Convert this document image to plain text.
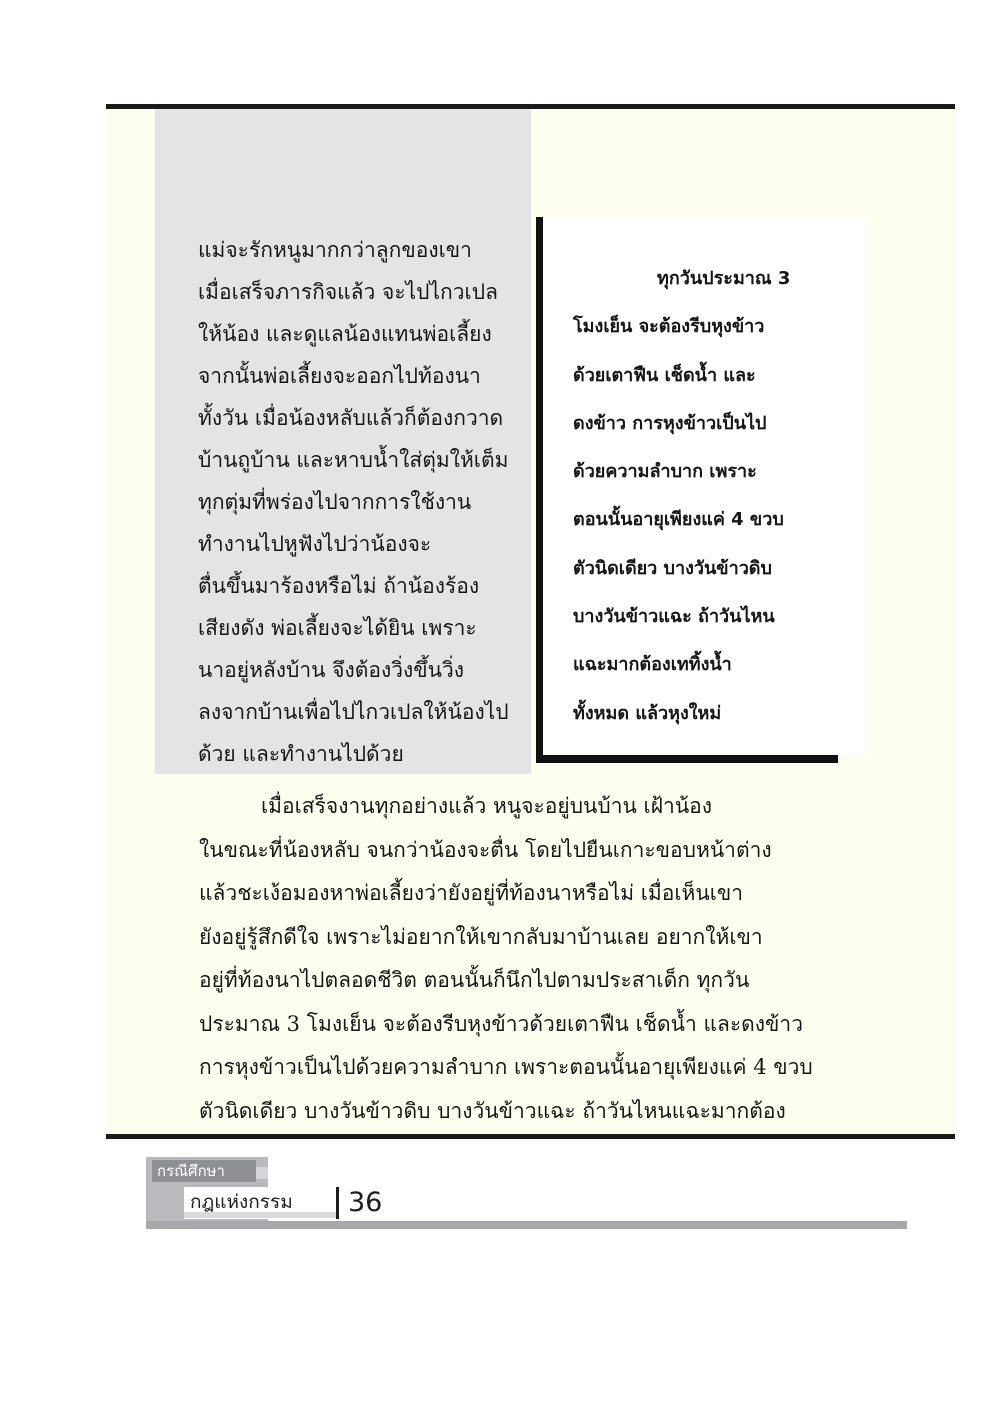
แม่จะรักหนูมากกว่าลูกของเขา
เมื่อเสร็จภารกิจแล้ว จะไปไกวเปล
ให้น้อง และดูแลน้องแทนพ่อเลี้ยง
จากนั้นพ่อเลี้ยงจะออกไปท้องนา
ทั้งวัน เมื่อน้องหลับแล้วก็ต้องกวาด
บ้านถูบ้าน และหาบน้ำใส่ตุ่มให้เต็ม
ทุกตุ่มที่พร่องไปจากการใช้งาน
ทำงานไปหูฟังไปว่าน้องจะ
ตื่นขึ้นมาร้องหรือไม่ ถ้าน้องร้อง
เสียงดัง พ่อเลี้ยงจะได้ยิน เพราะ
นาอยู่หลังบ้าน จึงต้องวิ่งขึ้นวิ่ง
ลงจากบ้านเพื่อไปไกวเปลให้น้องไป
ด้วย และทำงานไปด้วย
ทุกวันประมาณ 3
โมงเย็น จะต้องรีบหุงข้าว
ด้วยเตาฟืน เช็ดน้ำ และ
ดงข้าว การหุงข้าวเป็นไป
ด้วยความลำบาก เพราะ
ตอนนั้นอายุเพียงแค่ 4 ขวบ
ตัวนิดเดียว บางวันข้าวดิบ
บางวันข้าวแฉะ ถ้าวันไหน
แฉะมากต้องเททิ้งน้ำ
ทั้งหมด แล้วหุงใหม่
เมื่อเสร็จงานทุกอย่างแล้ว หนูจะอยู่บนบ้าน เฝ้าน้อง
ในขณะที่น้องหลับ จนกว่าน้องจะตื่น โดยไปยืนเกาะขอบหน้าต่าง
แล้วชะเง้อมองหาพ่อเลี้ยงว่ายังอยู่ที่ท้องนาหรือไม่ เมื่อเห็นเขา
ยังอยู่รู้สึกดีใจ เพราะไม่อยากให้เขากลับมาบ้านเลย อยากให้เขา
อยู่ที่ท้องนาไปตลอดชีวิต ตอนนั้นก็นึกไปตามประสาเด็ก ทุกวัน
ประมาณ 3 โมงเย็น จะต้องรีบหุงข้าวด้วยเตาฟืน เช็ดน้ำ และดงข้าว
การหุงข้าวเป็นไปด้วยความลำบาก เพราะตอนนั้นอายุเพียงแค่ 4 ขวบ
ตัวนิดเดียว บางวันข้าวดิบ บางวันข้าวแฉะ ถ้าวันไหนแฉะมากต้อง
กรณีศึกษา
กฎแห่งกรรม 36
